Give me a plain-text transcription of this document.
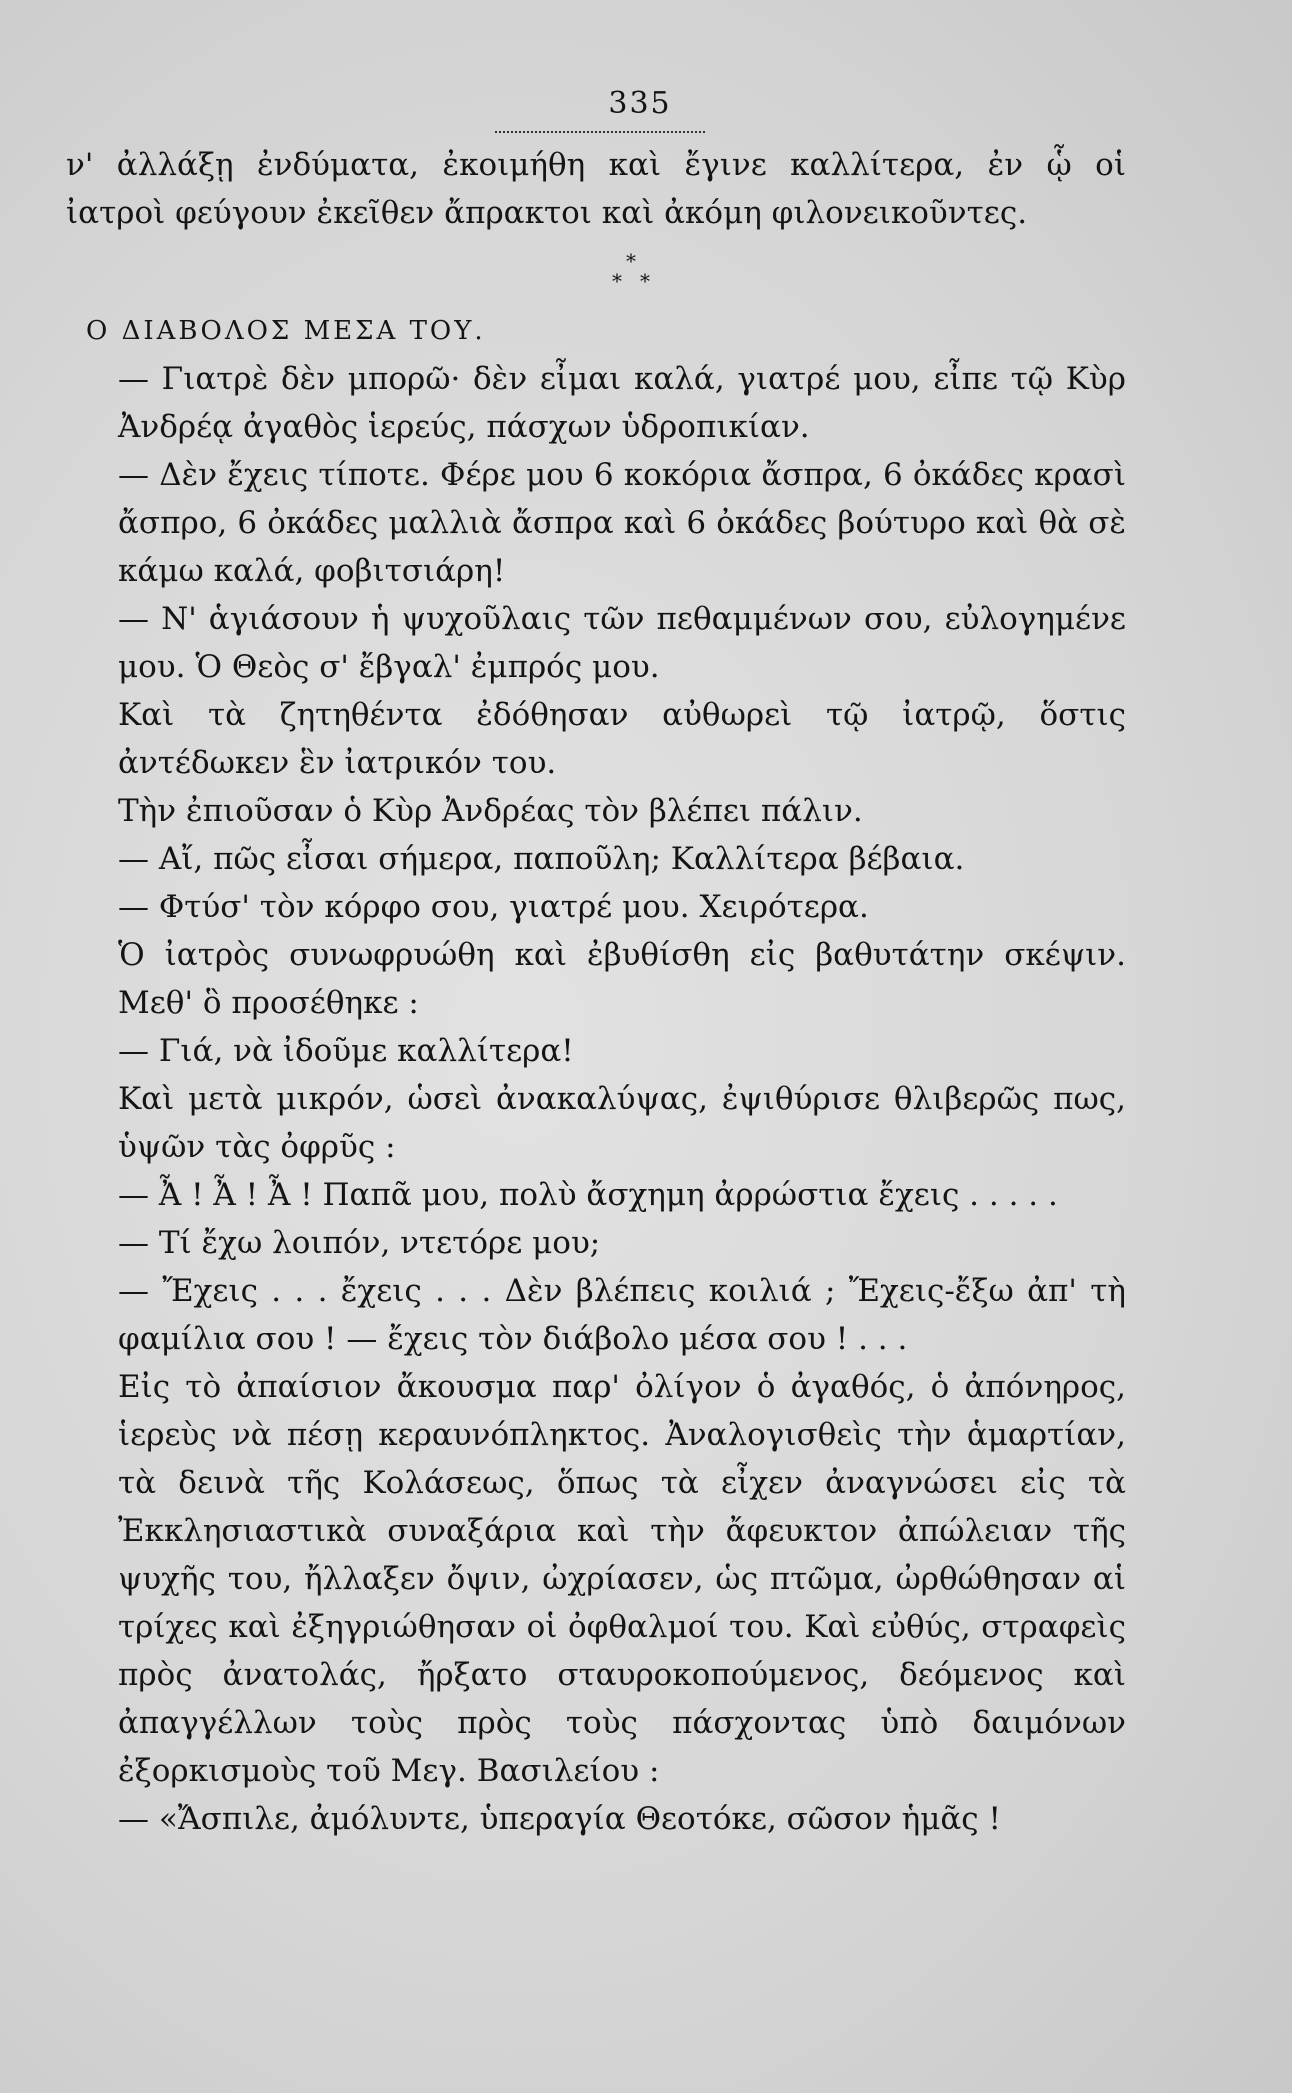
335

ν' ἀλλάξῃ ἐνδύματα, ἐκοιμήθη καὶ ἔγινε καλλίτερα, ἐν ᾧ οἱ

ἰατροὶ φεύγουν ἐκεῖθεν ἄπρακτοι καὶ ἀκόμη φιλονεικοῦντες.

*
* *

Ο ΔΙΑΒΟΛΟΣ ΜΕΣΑ ΤΟΥ.

— Γιατρὲ δὲν μπορῶ· δὲν εἶμαι καλά, γιατρέ μου, εἶπε τῷ Κὺρ Ἀνδρέᾳ ἀγαθὸς ἱερεύς, πάσχων ὑδροπικίαν.

— Δὲν ἔχεις τίποτε. Φέρε μου 6 κοκόρια ἄσπρα, 6 ὀκάδες κρασὶ ἄσπρο, 6 ὀκάδες μαλλιὰ ἄσπρα καὶ 6 ὀκάδες βούτυρο καὶ θὰ σὲ κάμω καλά, φοβιτσιάρη!

— Ν' ἁγιάσουν ἡ ψυχοῦλαις τῶν πεθαμμένων σου, εὐλογημένε μου. Ὁ Θεὸς σ' ἔβγαλ' ἐμπρός μου.

Καὶ τὰ ζητηθέντα ἐδόθησαν αὐθωρεὶ τῷ ἰατρῷ, ὅστις ἀντέδωκεν ἓν ἰατρικόν του.

Τὴν ἐπιοῦσαν ὁ Κὺρ Ἀνδρέας τὸν βλέπει πάλιν.

— Αἴ, πῶς εἶσαι σήμερα, παποῦλη; Καλλίτερα βέβαια.

— Φτύσ' τὸν κόρφο σου, γιατρέ μου. Χειρότερα.

Ὁ ἰατρὸς συνωφρυώθη καὶ ἐβυθίσθη εἰς βαθυτάτην σκέψιν. Μεθ' ὃ προσέθηκε :

— Γιά, νὰ ἰδοῦμε καλλίτερα!

Καὶ μετὰ μικρόν, ὡσεὶ ἀνακαλύψας, ἐψιθύρισε θλιβερῶς πως, ὑψῶν τὰς ὀφρῦς :

— Ἆ ! Ἆ ! Ἆ ! Παπᾶ μου, πολὺ ἄσχημη ἀρρώστια ἔχεις . . . . .

— Τί ἔχω λοιπόν, ντετόρε μου;

— Ἔχεις . . . ἔχεις . . . Δὲν βλέπεις κοιλιά ; Ἔχεις-ἔξω ἀπ' τὴ φαμίλια σου ! — ἔχεις τὸν διάβολο μέσα σου ! . . .

Εἰς τὸ ἀπαίσιον ἄκουσμα παρ' ὀλίγον ὁ ἀγαθός, ὁ ἀπόνηρος, ἱερεὺς νὰ πέσῃ κεραυνόπληκτος. Ἀναλογισθεὶς τὴν ἁμαρτίαν, τὰ δεινὰ τῆς Κολάσεως, ὅπως τὰ εἶχεν ἀναγνώσει εἰς τὰ Ἐκκλησιαστικὰ συναξάρια καὶ τὴν ἄφευκτον ἀπώλειαν τῆς ψυχῆς του, ἤλλαξεν ὄψιν, ὠχρίασεν, ὡς πτῶμα, ὠρθώθησαν αἱ τρίχες καὶ ἐξηγριώθησαν οἱ ὀφθαλμοί του. Καὶ εὐθύς, στραφεὶς πρὸς ἀνατολάς, ἤρξατο σταυροκοπούμενος, δεόμενος καὶ ἀπαγγέλλων τοὺς πρὸς τοὺς πάσχοντας ὑπὸ δαιμόνων ἐξορκισμοὺς τοῦ Μεγ. Βασιλείου :

— «Ἄσπιλε, ἀμόλυντε, ὑπεραγία Θεοτόκε, σῶσον ἡμᾶς !
